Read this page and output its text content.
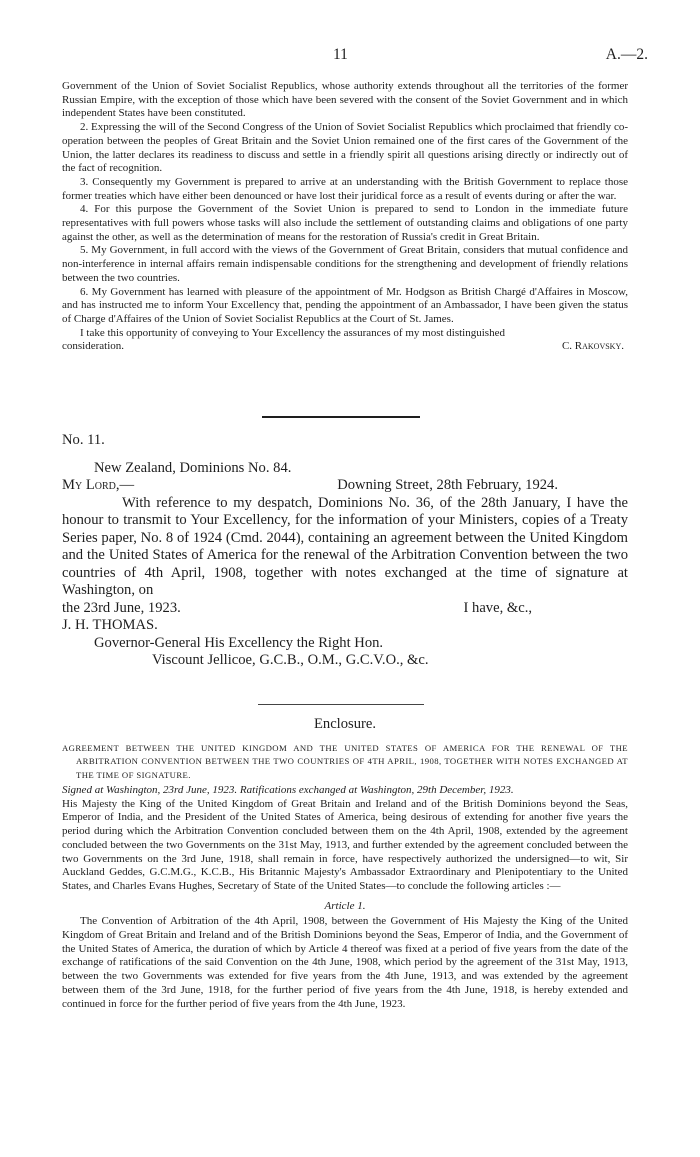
11	A.—2.

Government of the Union of Soviet Socialist Republics, whose authority extends throughout all the territories of the former Russian Empire, with the exception of those which have been severed with the consent of the Soviet Government and in which independent States have been constituted.

2. Expressing the will of the Second Congress of the Union of Soviet Socialist Republics which proclaimed that friendly co-operation between the peoples of Great Britain and the Soviet Union remained one of the first cares of the Government of the Union, the latter declares its readiness to discuss and settle in a friendly spirit all questions arising directly or indirectly out of the fact of recognition.

3. Consequently my Government is prepared to arrive at an understanding with the British Government to replace those former treaties which have either been denounced or have lost their juridical force as a result of events during or after the war.

4. For this purpose the Government of the Soviet Union is prepared to send to London in the immediate future representatives with full powers whose tasks will also include the settlement of outstanding claims and obligations of one party against the other, as well as the determination of means for the restoration of Russia's credit in Great Britain.

5. My Government, in full accord with the views of the Government of Great Britain, considers that mutual confidence and non-interference in internal affairs remain indispensable conditions for the strengthening and development of friendly relations between the two countries.

6. My Government has learned with pleasure of the appointment of Mr. Hodgson as British Chargé d'Affaires in Moscow, and has instructed me to inform Your Excellency that, pending the appointment of an Ambassador, I have been given the status of Charge d'Affaires of the Union of Soviet Socialist Republics at the Court of St. James.

I take this opportunity of conveying to Your Excellency the assurances of my most distinguished

consideration.	C. Rakovsky.

No. 11.

New Zealand, Dominions No. 84.

My Lord,—	Downing Street, 28th February, 1924.

With reference to my despatch, Dominions No. 36, of the 28th January, I have the honour to transmit to Your Excellency, for the information of your Ministers, copies of a Treaty Series paper, No. 8 of 1924 (Cmd. 2044), containing an agreement between the United Kingdom and the United States of America for the renewal of the Arbitration Convention between the two countries of 4th April, 1908, together with notes exchanged at the time of signature at Washington, on

the 23rd June, 1923.	I have, &c.,

J. H. THOMAS.

Governor-General His Excellency the Right Hon.

Viscount Jellicoe, G.C.B., O.M., G.C.V.O., &c.

Enclosure.

AGREEMENT BETWEEN THE UNITED KINGDOM AND THE UNITED STATES OF AMERICA FOR THE RENEWAL OF THE ARBITRATION CONVENTION BETWEEN THE TWO COUNTRIES OF 4TH APRIL, 1908, TOGETHER WITH NOTES EXCHANGED AT THE TIME OF SIGNATURE.

Signed at Washington, 23rd June, 1923. Ratifications exchanged at Washington, 29th December, 1923.

His Majesty the King of the United Kingdom of Great Britain and Ireland and of the British Dominions beyond the Seas, Emperor of India, and the President of the United States of America, being desirous of extending for another five years the period during which the Arbitration Convention concluded between them on the 4th April, 1908, extended by the agreement concluded between the two Governments on the 31st May, 1913, and further extended by the agreement concluded between the two Governments on the 3rd June, 1918, shall remain in force, have respectively authorized the undersigned—to wit, Sir Auckland Geddes, G.C.M.G., K.C.B., His Britannic Majesty's Ambassador Extraordinary and Plenipotentiary to the United States, and Charles Evans Hughes, Secretary of State of the United States—to conclude the following articles :—

Article 1.

The Convention of Arbitration of the 4th April, 1908, between the Government of His Majesty the King of the United Kingdom of Great Britain and Ireland and of the British Dominions beyond the Seas, Emperor of India, and the Government of the United States of America, the duration of which by Article 4 thereof was fixed at a period of five years from the date of the exchange of ratifications of the said Convention on the 4th June, 1908, which period by the agreement of the 31st May, 1913, between the two Governments was extended for five years from the 4th June, 1913, and was extended by the agreement between them of the 3rd June, 1918, for the further period of five years from the 4th June, 1918, is hereby extended and continued in force for the further period of five years from the 4th June, 1923.
